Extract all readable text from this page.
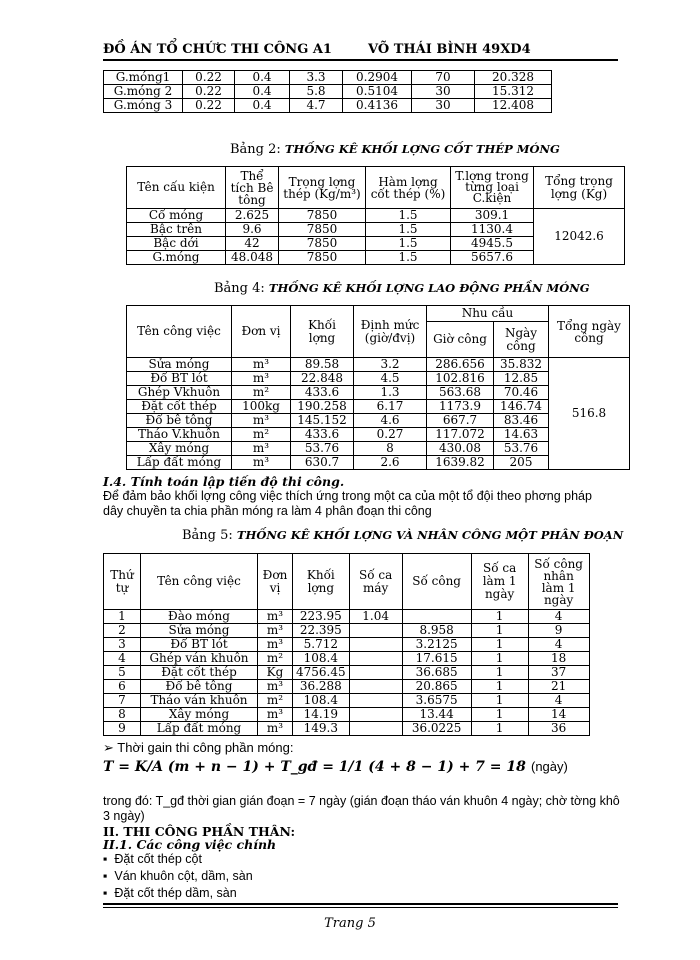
ĐỒ ÁN TỔ CHỨC THI CÔNG A1	VÕ THÁI BÌNH 49XD4
G.móng1	0.22	0.4	3.3	0.2904	70	20.328
G.móng 2	0.22	0.4	5.8	0.5104	30	15.312
G.móng 3	0.22	0.4	4.7	0.4136	30	12.408
Bảng 2: THỐNG KÊ KHỐI LỢNG CỐT THÉP MÓNG
Tên cấu kiện	Thể tích Bê tông	Trọng lợng thép (Kg/m³)	Hàm lợng cốt thép (%)	T.lợng trong từng loại C.kiện	Tổng trọng lợng (Kg)
Cổ móng	2.625	7850	1.5	309.1	12042.6
Bậc trên	9.6	7850	1.5	1130.4	
Bậc dới	42	7850	1.5	4945.5	
G.móng	48.048	7850	1.5	5657.6	
Bảng 4: THỐNG KÊ KHỐI LỢNG LAO ĐỘNG PHẦN MÓNG
Tên công việc	Đơn vị	Khối lợng	Định mức (giờ/đvị)	Nhu cầu		Tổng ngày công
				Giờ công	Ngày công	
Sửa móng	m³	89.58	3.2	286.656	35.832	516.8
Đổ BT lót	m³	22.848	4.5	102.816	12.85	
Ghép Vkhuôn	m²	433.6	1.3	563.68	70.46	
Đặt cốt thép	100kg	190.258	6.17	1173.9	146.74	
Đổ bê tông	m³	145.152	4.6	667.7	83.46	
Tháo V.khuôn	m²	433.6	0.27	117.072	14.63	
Xây móng	m³	53.76	8	430.08	53.76	
Lấp đất móng	m³	630.7	2.6	1639.82	205	
I.4. Tính toán lập tiến độ thi công.
Để đảm bảo khối lợng công việc thích ứng trong một ca của một tổ đội theo phơng pháp
dây chuyền ta chia phần móng ra làm 4 phân đoạn thi công
Bảng 5: THỐNG KÊ KHỐI LỢNG VÀ NHÂN CÔNG MỘT PHÂN ĐOẠN
Thứ tự	Tên công việc	Đơn vị	Khối lợng	Số ca máy	Số công	Số ca làm 1 ngày	Số công nhân làm 1 ngày
1	Đào móng	m³	223.95	1.04		1	4
2	Sửa móng	m³	22.395		8.958	1	9
3	Đổ BT lót	m³	5.712		3.2125	1	4
4	Ghép ván khuôn	m²	108.4		17.615	1	18
5	Đặt cốt thép	Kg	4756.45		36.685	1	37
6	Đổ bê tông	m³	36.288		20.865	1	21
7	Tháo ván khuôn	m²	108.4		3.6575	1	4
8	Xây móng	m³	14.19		13.44	1	14
9	Lấp đất móng	m³	149.3		36.0225	1	36
➢ Thời gain thi công phần móng:
T = K/A (m + n − 1) + T_gđ = 1/1 (4 + 8 − 1) + 7 = 18 (ngày)
trong đó: T_gđ thời gian gián đoạn = 7 ngày (gián đoạn tháo ván khuôn 4 ngày; chờ tờng khô
3 ngày)
II. THI CÔNG PHẦN THÂN:
II.1. Các công việc chính
▪ Đặt cốt thép cột
▪ Ván khuôn cột, dầm, sàn
▪ Đặt cốt thép dầm, sàn
Trang 5
